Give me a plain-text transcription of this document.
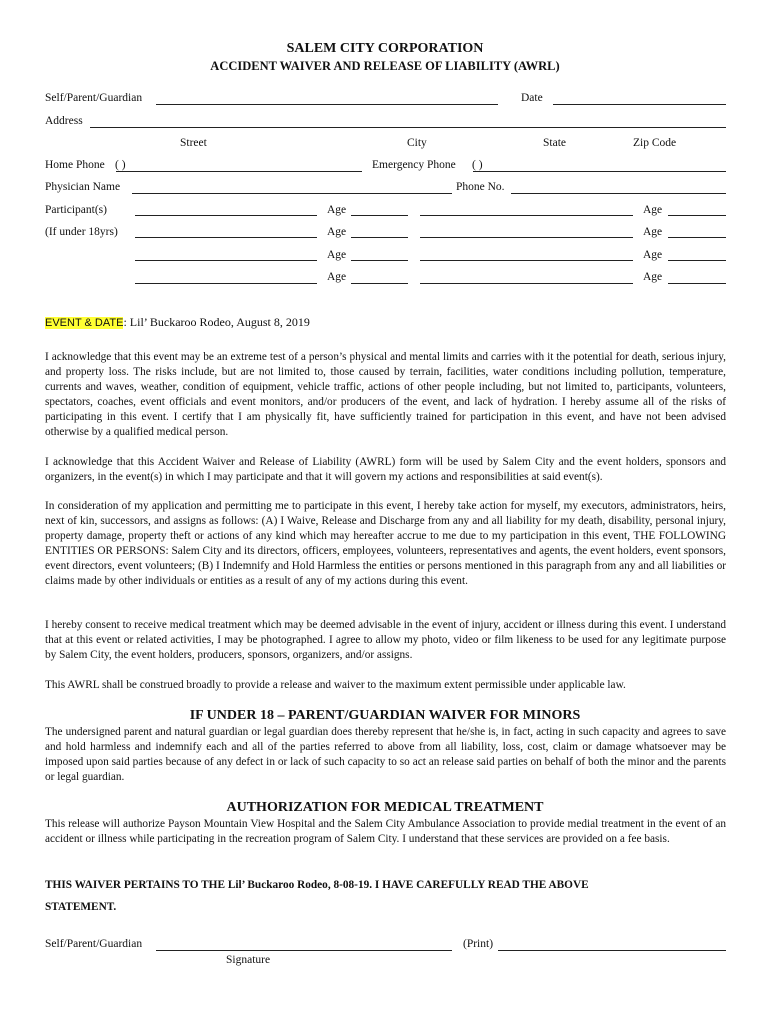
SALEM CITY CORPORATION
ACCIDENT WAIVER AND RELEASE OF LIABILITY (AWRL)
Self/Parent/Guardian	Date
Address
Street	City	State	Zip Code
Home Phone ( )	Emergency Phone ( )
Physician Name	Phone No.
Participant(s)
(If under 18yrs)
Age	Age
Age	Age
Age	Age
Age	Age
EVENT & DATE: Lil’ Buckaroo Rodeo, August 8, 2019
I acknowledge that this event may be an extreme test of a person’s physical and mental limits and carries with it the potential for death, serious injury, and property loss. The risks include, but are not limited to, those caused by terrain, facilities, water conditions including pollution, temperature, currents and waves, weather, condition of equipment, vehicle traffic, actions of other people including, but not limited to, participants, volunteers, spectators, coaches, event officials and event monitors, and/or producers of the event, and lack of hydration. I hereby assume all of the risks of participating in this event. I certify that I am physically fit, have sufficiently trained for participation in this event, and have not been advised otherwise by a qualified medical person.
I acknowledge that this Accident Waiver and Release of Liability (AWRL) form will be used by Salem City and the event holders, sponsors and organizers, in the event(s) in which I may participate and that it will govern my actions and responsibilities at said event(s).
In consideration of my application and permitting me to participate in this event, I hereby take action for myself, my executors, administrators, heirs, next of kin, successors, and assigns as follows: (A) I Waive, Release and Discharge from any and all liability for my death, disability, personal injury, property damage, property theft or actions of any kind which may hereafter accrue to me due to my participation in this event, THE FOLLOWING ENTITIES OR PERSONS: Salem City and its directors, officers, employees, volunteers, representatives and agents, the event holders, event sponsors, event directors, event volunteers; (B) I Indemnify and Hold Harmless the entities or persons mentioned in this paragraph from any and all liabilities or claims made by other individuals or entities as a result of any of my actions during this event.
I hereby consent to receive medical treatment which may be deemed advisable in the event of injury, accident or illness during this event. I understand that at this event or related activities, I may be photographed. I agree to allow my photo, video or film likeness to be used for any legitimate purpose by Salem City, the event holders, producers, sponsors, organizers, and/or assigns.
This AWRL shall be construed broadly to provide a release and waiver to the maximum extent permissible under applicable law.
IF UNDER 18 – PARENT/GUARDIAN WAIVER FOR MINORS
The undersigned parent and natural guardian or legal guardian does thereby represent that he/she is, in fact, acting in such capacity and agrees to save and hold harmless and indemnify each and all of the parties referred to above from all liability, loss, cost, claim or damage whatsoever may be imposed upon said parties because of any defect in or lack of such capacity to so act an release said parties on behalf of both the minor and the parents or legal guardian.
AUTHORIZATION FOR MEDICAL TREATMENT
This release will authorize Payson Mountain View Hospital and the Salem City Ambulance Association to provide medial treatment in the event of an accident or illness while participating in the recreation program of Salem City. I understand that these services are provided on a fee basis.
THIS WAIVER PERTAINS TO THE Lil’ Buckaroo Rodeo, 8-08-19. I HAVE CAREFULLY READ THE ABOVE
STATEMENT.
Self/Parent/Guardian	(Print)
Signature
